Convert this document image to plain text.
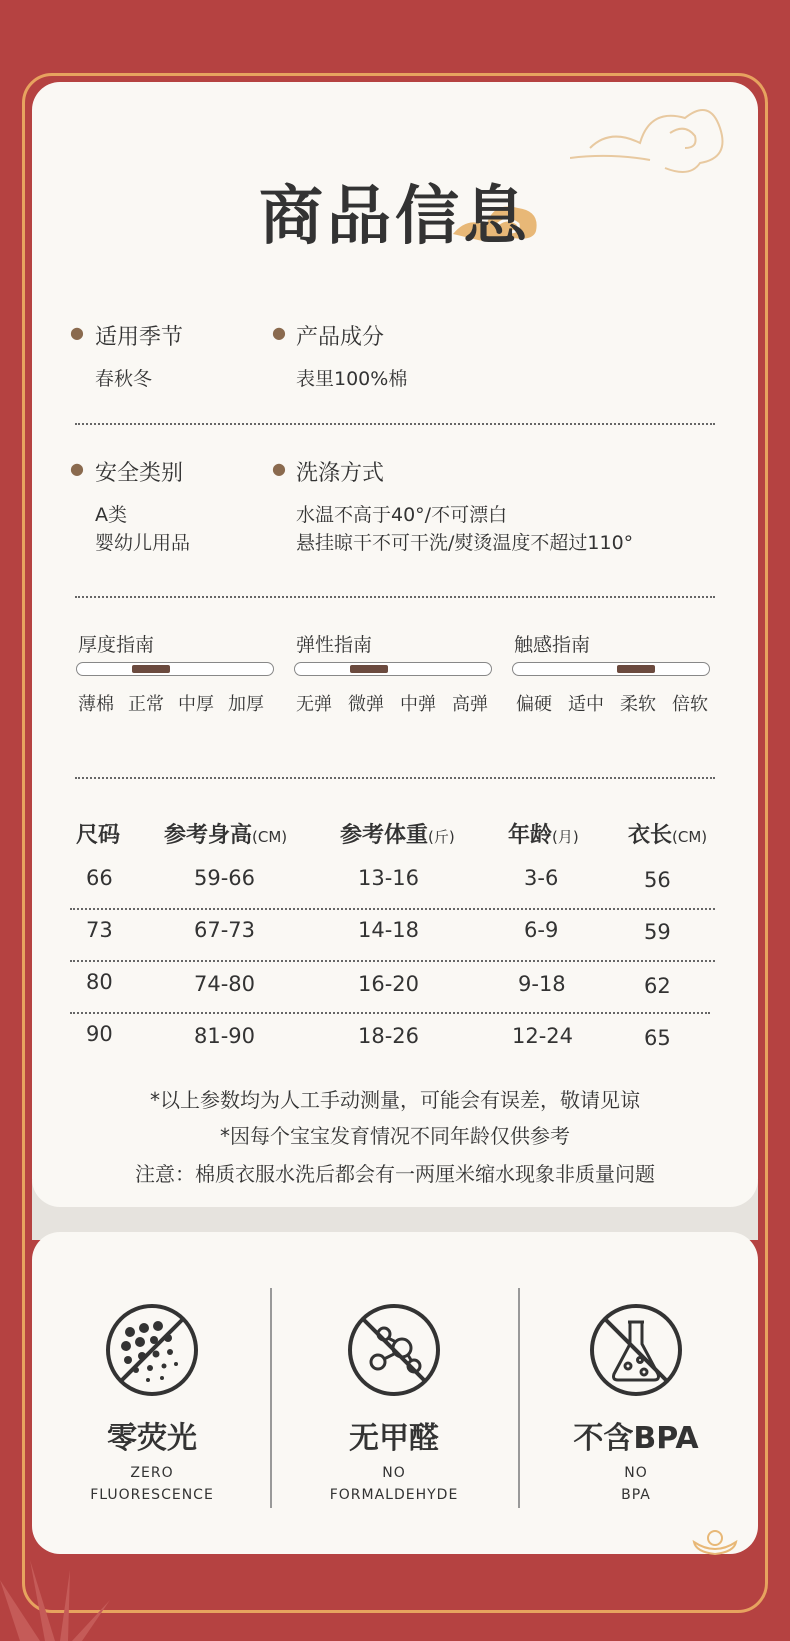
商品信息
● 适用季节
春秋冬
● 产品成分
表里100%棉
● 安全类别
A类
婴幼儿用品
● 洗涤方式
水温不高于40°/不可漂白
悬挂晾干不可干洗/熨烫温度不超过110°
厚度指南
薄棉 正常 中厚 加厚
弹性指南
无弹 微弹 中弹 高弹
触感指南
偏硬 适中 柔软 倍软
尺码 参考身高(CM) 参考体重(斤) 年龄(月) 衣长(CM)
66	59-66	13-16	3-6	56
73	67-73	14-18	6-9	59
80	74-80	16-20	9-18	62
90	81-90	18-26	12-24	65
*以上参数均为人工手动测量，可能会有误差，敬请见谅
*因每个宝宝发育情况不同年龄仅供参考
注意：棉质衣服水洗后都会有一两厘米缩水现象非质量问题
零荧光
ZERO
FLUORESCENCE
无甲醛
NO
FORMALDEHYDE
不含BPA
NO
BPA
